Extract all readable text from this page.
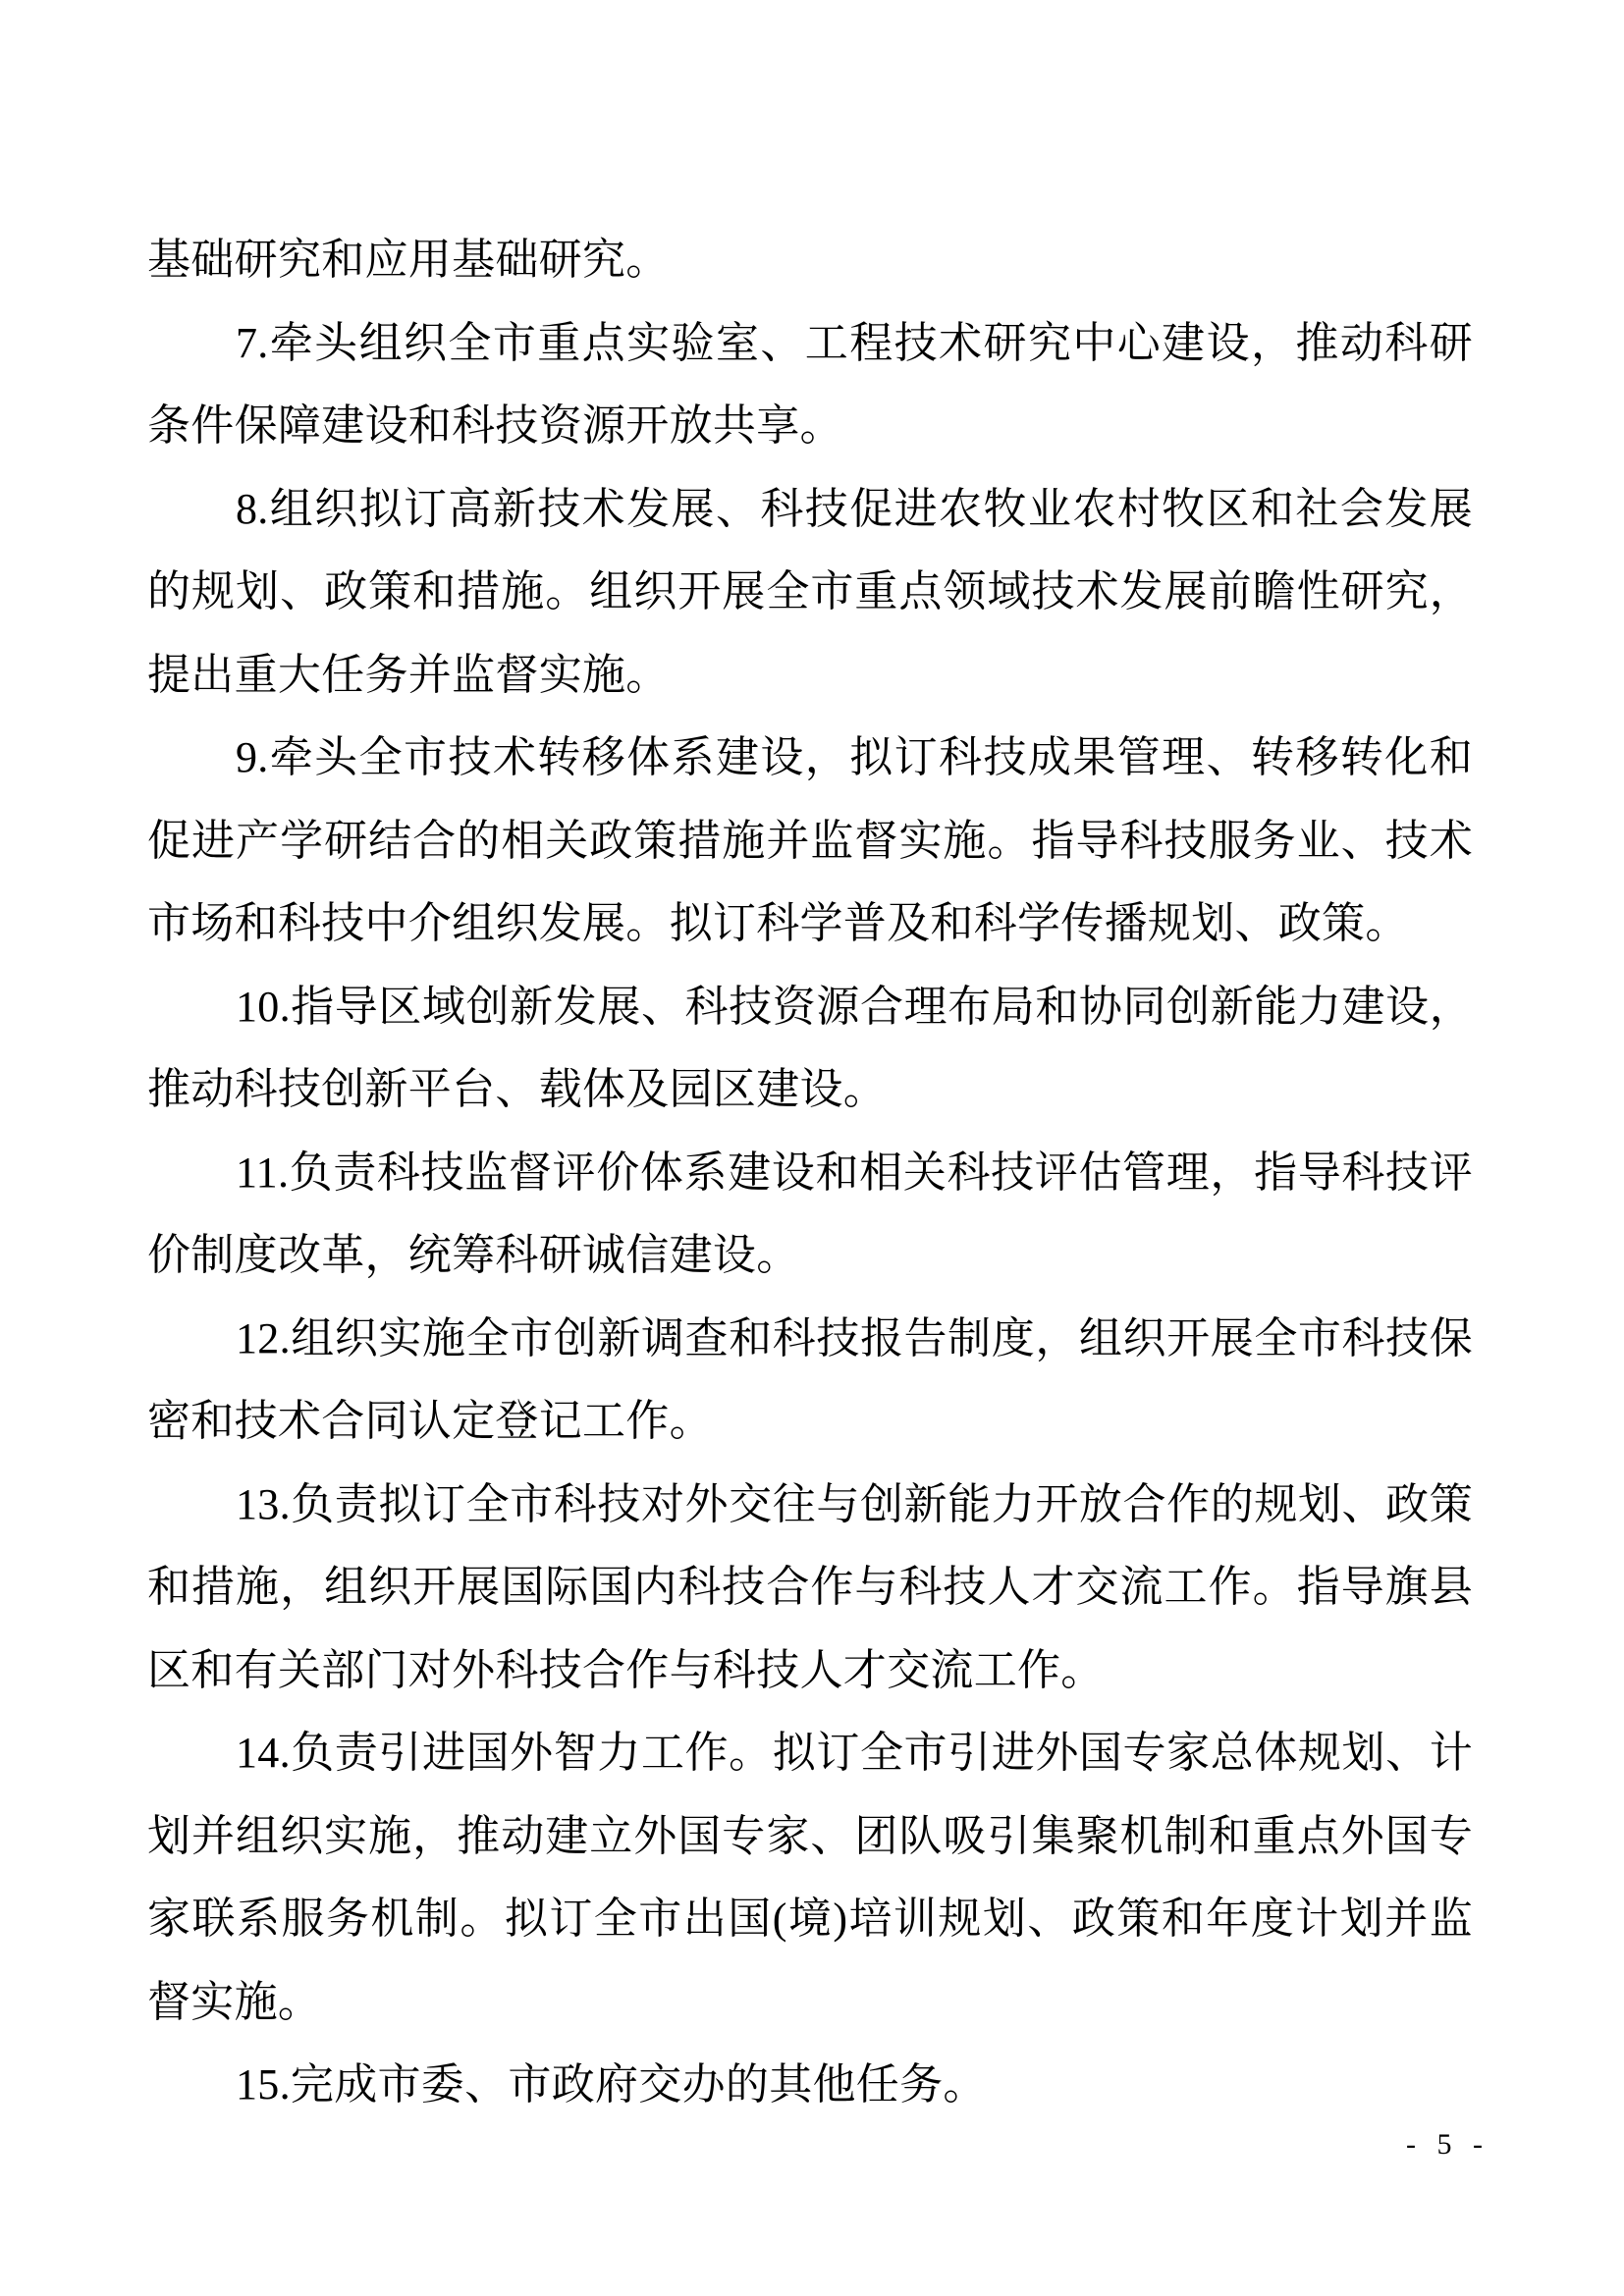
基础研究和应用基础研究。
7.牵头组织全市重点实验室、工程技术研究中心建设，推动科研
条件保障建设和科技资源开放共享。
8.组织拟订高新技术发展、科技促进农牧业农村牧区和社会发展
的规划、政策和措施。组织开展全市重点领域技术发展前瞻性研究，
提出重大任务并监督实施。
9.牵头全市技术转移体系建设，拟订科技成果管理、转移转化和
促进产学研结合的相关政策措施并监督实施。指导科技服务业、技术
市场和科技中介组织发展。拟订科学普及和科学传播规划、政策。
10.指导区域创新发展、科技资源合理布局和协同创新能力建设，
推动科技创新平台、载体及园区建设。
11.负责科技监督评价体系建设和相关科技评估管理，指导科技评
价制度改革，统筹科研诚信建设。
12.组织实施全市创新调查和科技报告制度，组织开展全市科技保
密和技术合同认定登记工作。
13.负责拟订全市科技对外交往与创新能力开放合作的规划、政策
和措施，组织开展国际国内科技合作与科技人才交流工作。指导旗县
区和有关部门对外科技合作与科技人才交流工作。
14.负责引进国外智力工作。拟订全市引进外国专家总体规划、计
划并组织实施，推动建立外国专家、团队吸引集聚机制和重点外国专
家联系服务机制。拟订全市出国(境)培训规划、政策和年度计划并监
督实施。
15.完成市委、市政府交办的其他任务。
- 5 -
